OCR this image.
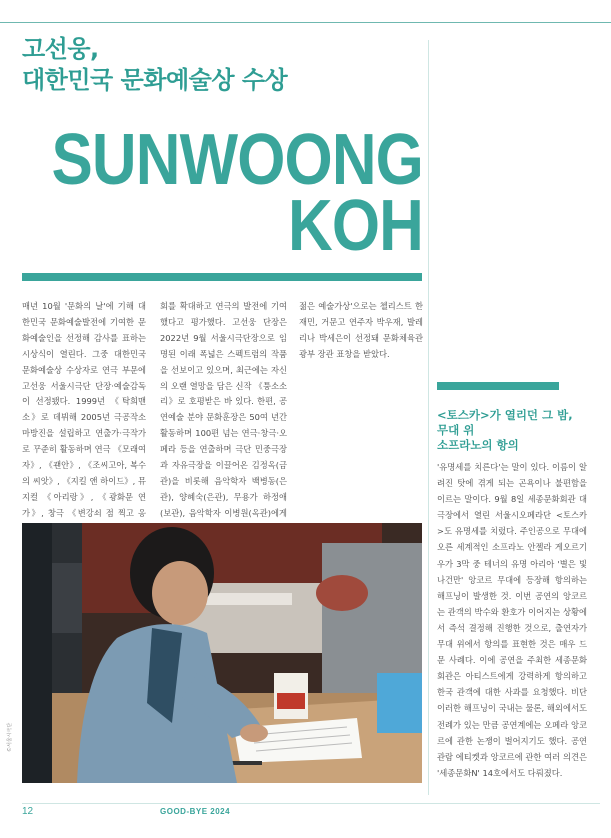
고선웅,
대한민국 문화예술상 수상
SUNWOONG
KOH

매년 10월 '문화의 날'에 기해 대한민국 문화예술발전에 기여한 문화예술인을 선정해 감사를 표하는 시상식이 열린다. 그중 대한민국 문화예술상 수상자로 연극 부문에 고선웅 서울시극단 단장·예술감독이 선정됐다. 1999년 《탁희맨소》로 데뷔해 2005년 극공작소 마방진을 설립하고 연출가·극작가로 꾸준히 활동하며 연극 《모래여자》, 《괜안》, 《조씨고아, 복수의 씨앗》, 《지킬 앤 하이드》, 뮤지컬 《아리랑》, 《광화문 연가》, 창극 《변강쇠 점 찍고 옹

회를 확대하고 연극의 발전에 기여했다고 평가했다. 고선웅 단장은 2022년 9월 서울시극단장으로 임명된 이래 폭넓은 스펙트럼의 작품을 선보이고 있으며, 최근에는 자신의 오랜 열망을 담은 신작 《퉁소소리》로 호평받은 바 있다. 한편, 공연예술 분야 문화훈장은 50여 년간 활동하며 100편 넘는 연극·창극·오페라 등을 연출하며 극단 민중극장과 자유극장을 이끌어온 김정옥(금관)을 비롯해 음악학자 백병동(은관), 양혜숙(은관), 무용가 하정애(보관), 음악학자 이병원(옥관)에게

젊은 예술가상'으로는 첼리스트 한재민, 거문고 연주자 박우재, 발레리나 박세은이 선정돼 문화체육관광부 장관 표창을 받았다.

©서울시극단
<토스카>가 열리던 그 밤,
무대 위
소프라노의 항의
'유명세를 치른다'는 말이 있다. 이름이 알려진 탓에 겪게 되는 곤욕이나 불편함을 이르는 말이다. 9월 8일 세종문화회관 대극장에서 열린 서울시오페라단 <토스카>도 유명세를 치렀다. 주인공으로 무대에 오른 세계적인 소프라노 안젤라 게오르기우가 3막 중 테너의 유명 아리아 '별은 빛나건만' 앙코르 무대에 등장해 항의하는 해프닝이 발생한 것. 이번 공연의 앙코르는 관객의 박수와 환호가 이어지는 상황에서 즉석 결정해 진행한 것으로, 출연자가 무대 위에서 항의를 표현한 것은 매우 드문 사례다. 이에 공연을 주최한 세종문화회관은 아티스트에게 강력하게 항의하고 한국 관객에 대한 사과를 요청했다. 비단 이러한 해프닝이 국내는 물론, 해외에서도 전례가 있는 만큼 공연계에는 오페라 앙코르에 관한 논쟁이 벌어지기도 했다. 공연 관람 에티켓과 앙코르에 관한 여러 의견은 '세종문화N' 14호에서도 다뤄졌다.
12	GOOD-BYE 2024
